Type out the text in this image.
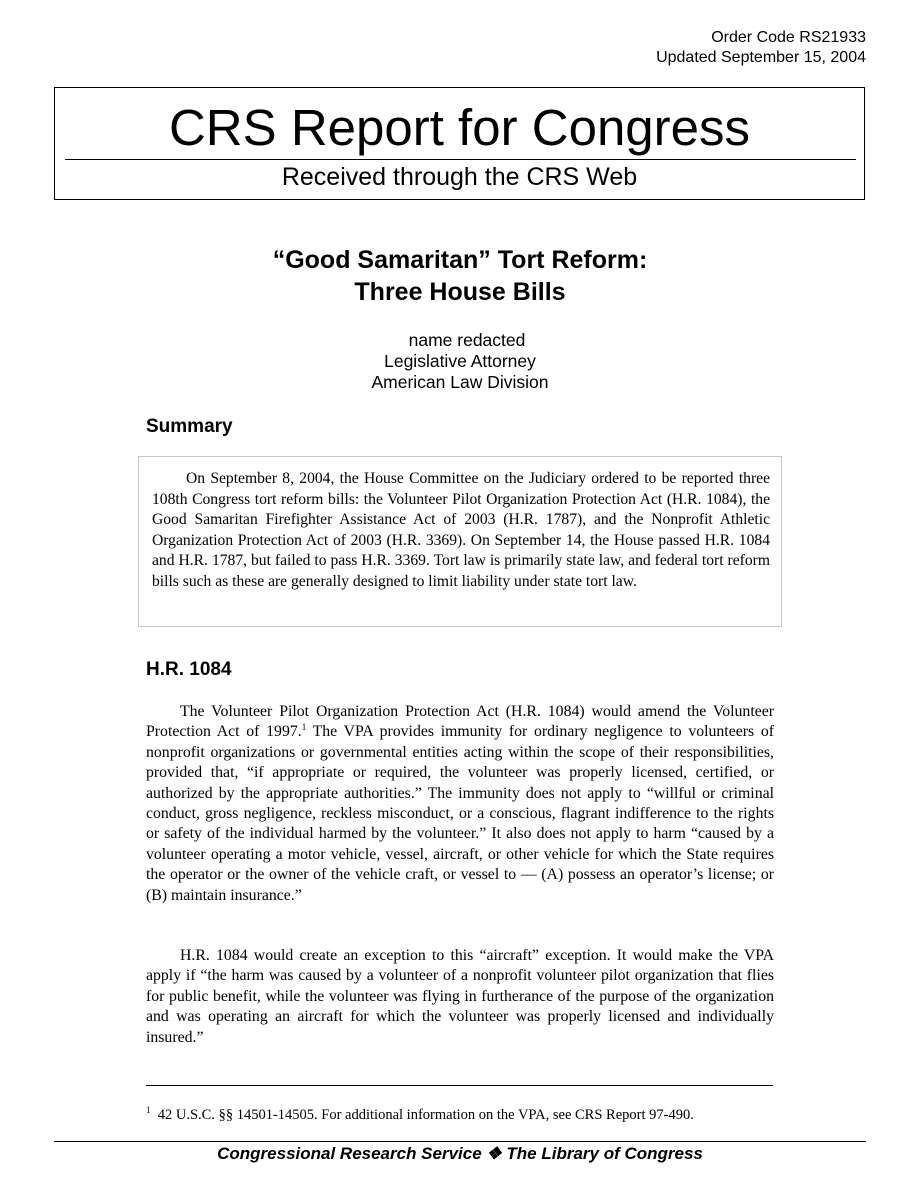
Order Code RS21933
Updated September 15, 2004
CRS Report for Congress
Received through the CRS Web
“Good Samaritan” Tort Reform:
Three House Bills
name redacted
Legislative Attorney
American Law Division
Summary
On September 8, 2004, the House Committee on the Judiciary ordered to be reported three 108th Congress tort reform bills: the Volunteer Pilot Organization Protection Act (H.R. 1084), the Good Samaritan Firefighter Assistance Act of 2003 (H.R. 1787), and the Nonprofit Athletic Organization Protection Act of 2003 (H.R. 3369). On September 14, the House passed H.R. 1084 and H.R. 1787, but failed to pass H.R. 3369. Tort law is primarily state law, and federal tort reform bills such as these are generally designed to limit liability under state tort law.
H.R. 1084
The Volunteer Pilot Organization Protection Act (H.R. 1084) would amend the Volunteer Protection Act of 1997.$^1$ The VPA provides immunity for ordinary negligence to volunteers of nonprofit organizations or governmental entities acting within the scope of their responsibilities, provided that, “if appropriate or required, the volunteer was properly licensed, certified, or authorized by the appropriate authorities.” The immunity does not apply to “willful or criminal conduct, gross negligence, reckless misconduct, or a conscious, flagrant indifference to the rights or safety of the individual harmed by the volunteer.” It also does not apply to harm “caused by a volunteer operating a motor vehicle, vessel, aircraft, or other vehicle for which the State requires the operator or the owner of the vehicle craft, or vessel to — (A) possess an operator’s license; or (B) maintain insurance.”
H.R. 1084 would create an exception to this “aircraft” exception. It would make the VPA apply if “the harm was caused by a volunteer of a nonprofit volunteer pilot organization that flies for public benefit, while the volunteer was flying in furtherance of the purpose of the organization and was operating an aircraft for which the volunteer was properly licensed and individually insured.”
$^1$ 42 U.S.C. §§ 14501-14505. For additional information on the VPA, see CRS Report 97-490.
Congressional Research Service ❖ The Library of Congress
